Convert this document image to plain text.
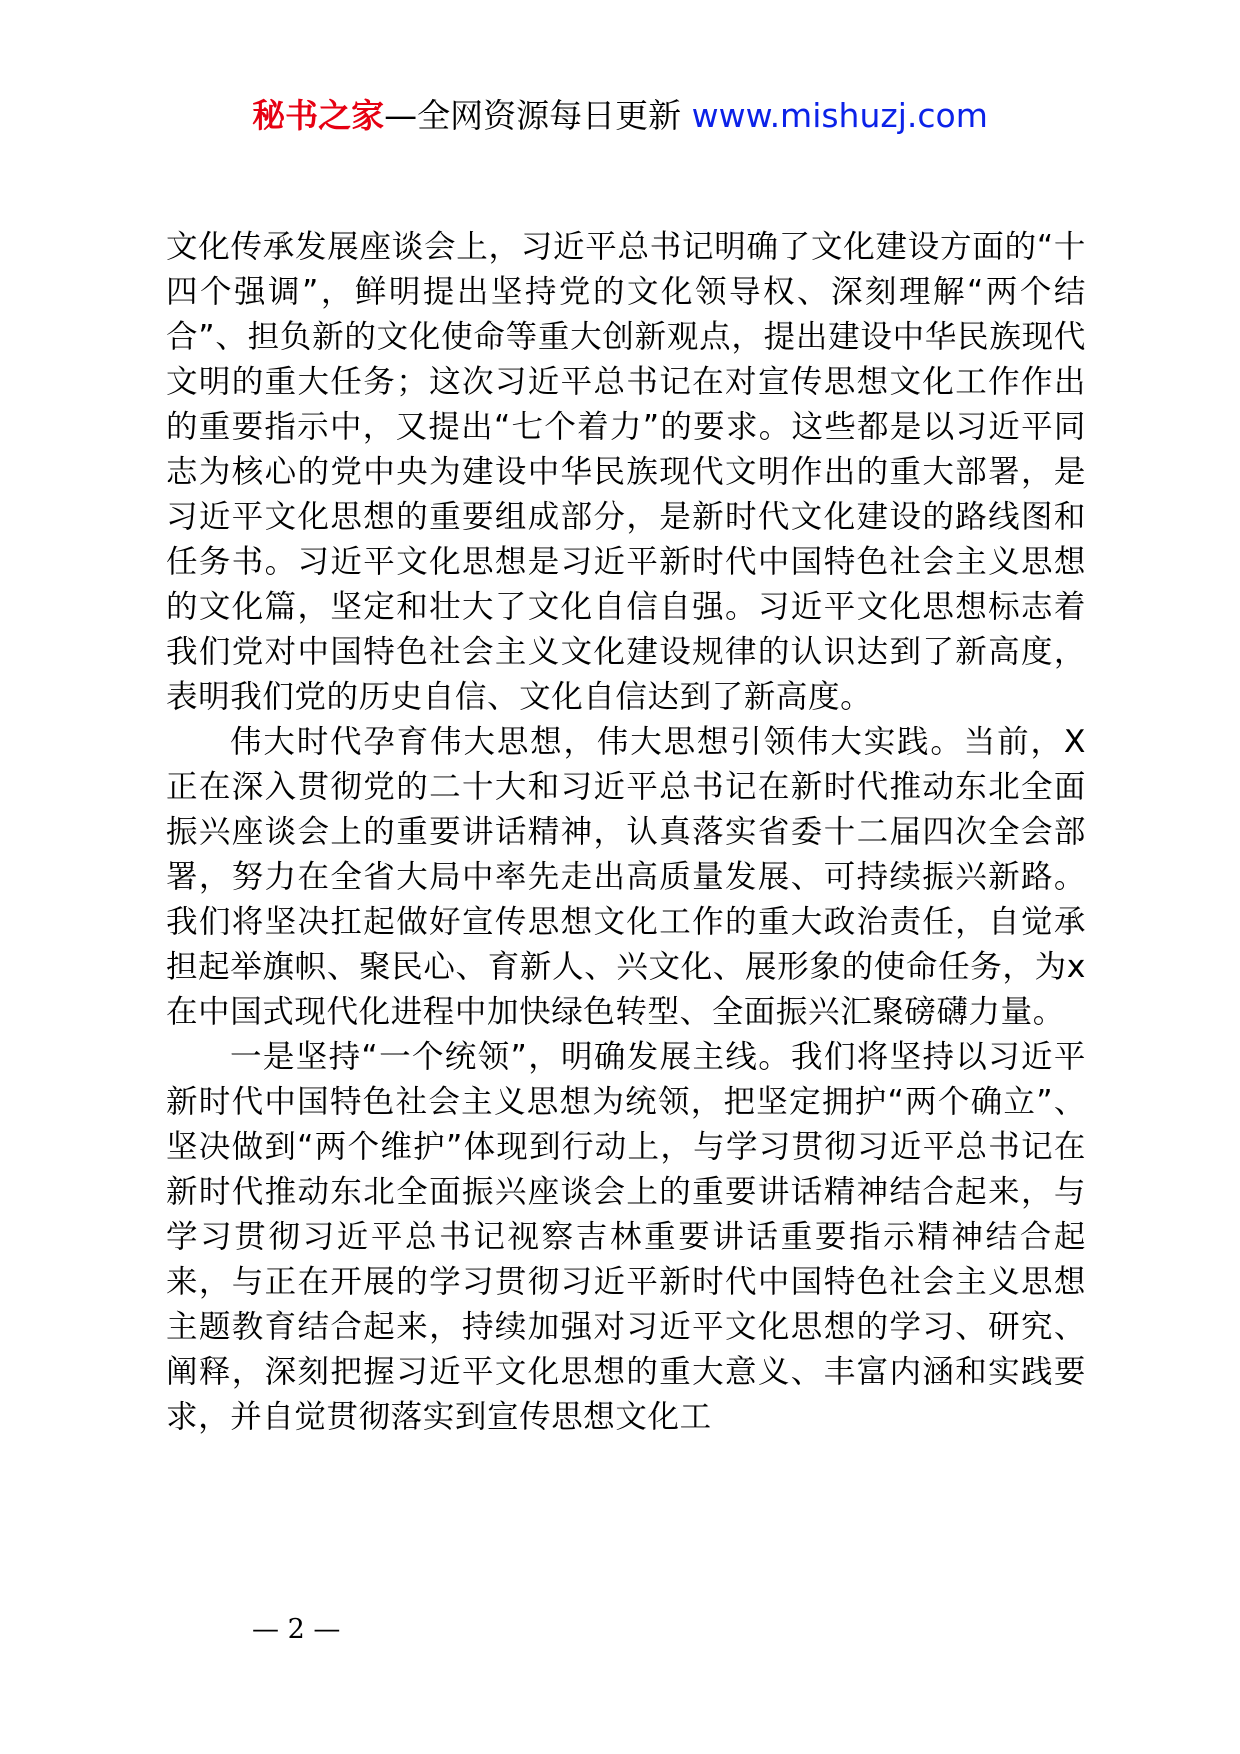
秘书之家—全网资源每日更新 www.mishuzj.com

文化传承发展座谈会上，习近平总书记明确了文化建设方面的“十四个强调”，鲜明提出坚持党的文化领导权、深刻理解“两个结合”、担负新的文化使命等重大创新观点，提出建设中华民族现代文明的重大任务；这次习近平总书记在对宣传思想文化工作作出的重要指示中，又提出“七个着力”的要求。这些都是以习近平同志为核心的党中央为建设中华民族现代文明作出的重大部署，是习近平文化思想的重要组成部分，是新时代文化建设的路线图和任务书。习近平文化思想是习近平新时代中国特色社会主义思想的文化篇，坚定和壮大了文化自信自强。习近平文化思想标志着我们党对中国特色社会主义文化建设规律的认识达到了新高度，表明我们党的历史自信、文化自信达到了新高度。

伟大时代孕育伟大思想，伟大思想引领伟大实践。当前，X正在深入贯彻党的二十大和习近平总书记在新时代推动东北全面振兴座谈会上的重要讲话精神，认真落实省委十二届四次全会部署，努力在全省大局中率先走出高质量发展、可持续振兴新路。我们将坚决扛起做好宣传思想文化工作的重大政治责任，自觉承担起举旗帜、聚民心、育新人、兴文化、展形象的使命任务，为x在中国式现代化进程中加快绿色转型、全面振兴汇聚磅礴力量。

一是坚持“一个统领”，明确发展主线。我们将坚持以习近平新时代中国特色社会主义思想为统领，把坚定拥护“两个确立”、坚决做到“两个维护”体现到行动上，与学习贯彻习近平总书记在新时代推动东北全面振兴座谈会上的重要讲话精神结合起来，与学习贯彻习近平总书记视察吉林重要讲话重要指示精神结合起来，与正在开展的学习贯彻习近平新时代中国特色社会主义思想主题教育结合起来，持续加强对习近平文化思想的学习、研究、阐释，深刻把握习近平文化思想的重大意义、丰富内涵和实践要求，并自觉贯彻落实到宣传思想文化工

— 2 —
